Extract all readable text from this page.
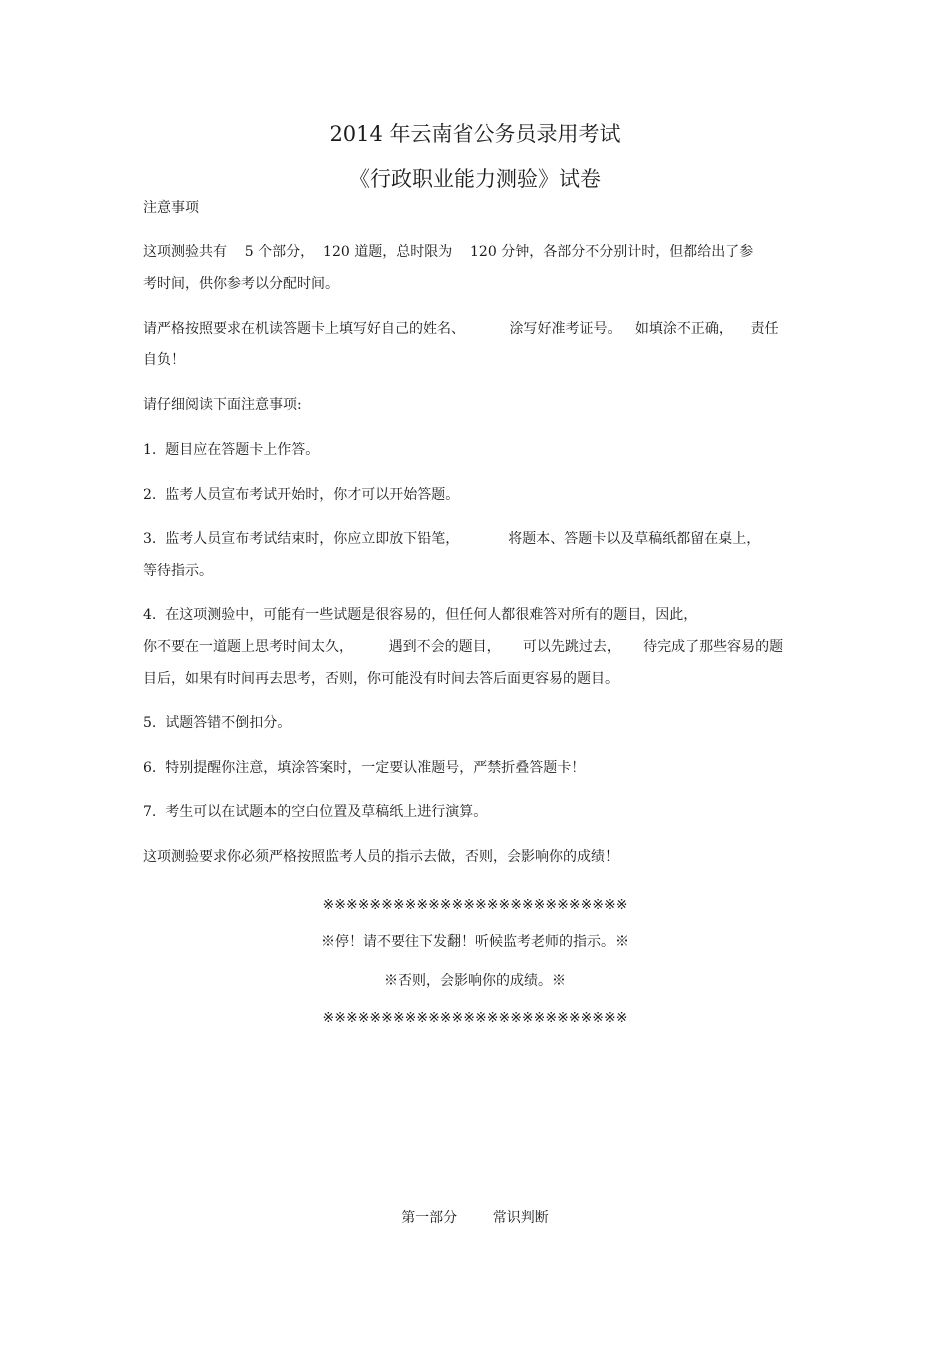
2014 年云南省公务员录用考试
《行政职业能力测验》试卷
注意事项
这项测验共有    5 个部分，  120 道题，总时限为    120 分钟，各部分不分别计时，但都给出了参
考时间，供你参考以分配时间。
请严格按照要求在机读答题卡上填写好自己的姓名、          涂写好准考证号。   如填涂不正确，    责任
自负！
请仔细阅读下面注意事项:
1.  题目应在答题卡上作答。
2.  监考人员宣布考试开始时，你才可以开始答题。
3.  监考人员宣布考试结束时，你应立即放下铅笔，           将题本、答题卡以及草稿纸都留在桌上，
等待指示。
4.  在这项测验中，可能有一些试题是很容易的，但任何人都很难答对所有的题目，因此，
你不要在一道题上思考时间太久，        遇到不会的题目，     可以先跳过去，     待完成了那些容易的题
目后，如果有时间再去思考，否则，你可能没有时间去答后面更容易的题目。
5.  试题答错不倒扣分。
6.  特别提醒你注意，填涂答案时，一定要认准题号，严禁折叠答题卡！
7.  考生可以在试题本的空白位置及草稿纸上进行演算。
这项测验要求你必须严格按照监考人员的指示去做，否则，会影响你的成绩！
※※※※※※※※※※※※※※※※※※※※※※※※※※
※停！请不要往下发翻！听候监考老师的指示。※
※否则，会影响你的成绩。※
※※※※※※※※※※※※※※※※※※※※※※※※※※
第一部分        常识判断
